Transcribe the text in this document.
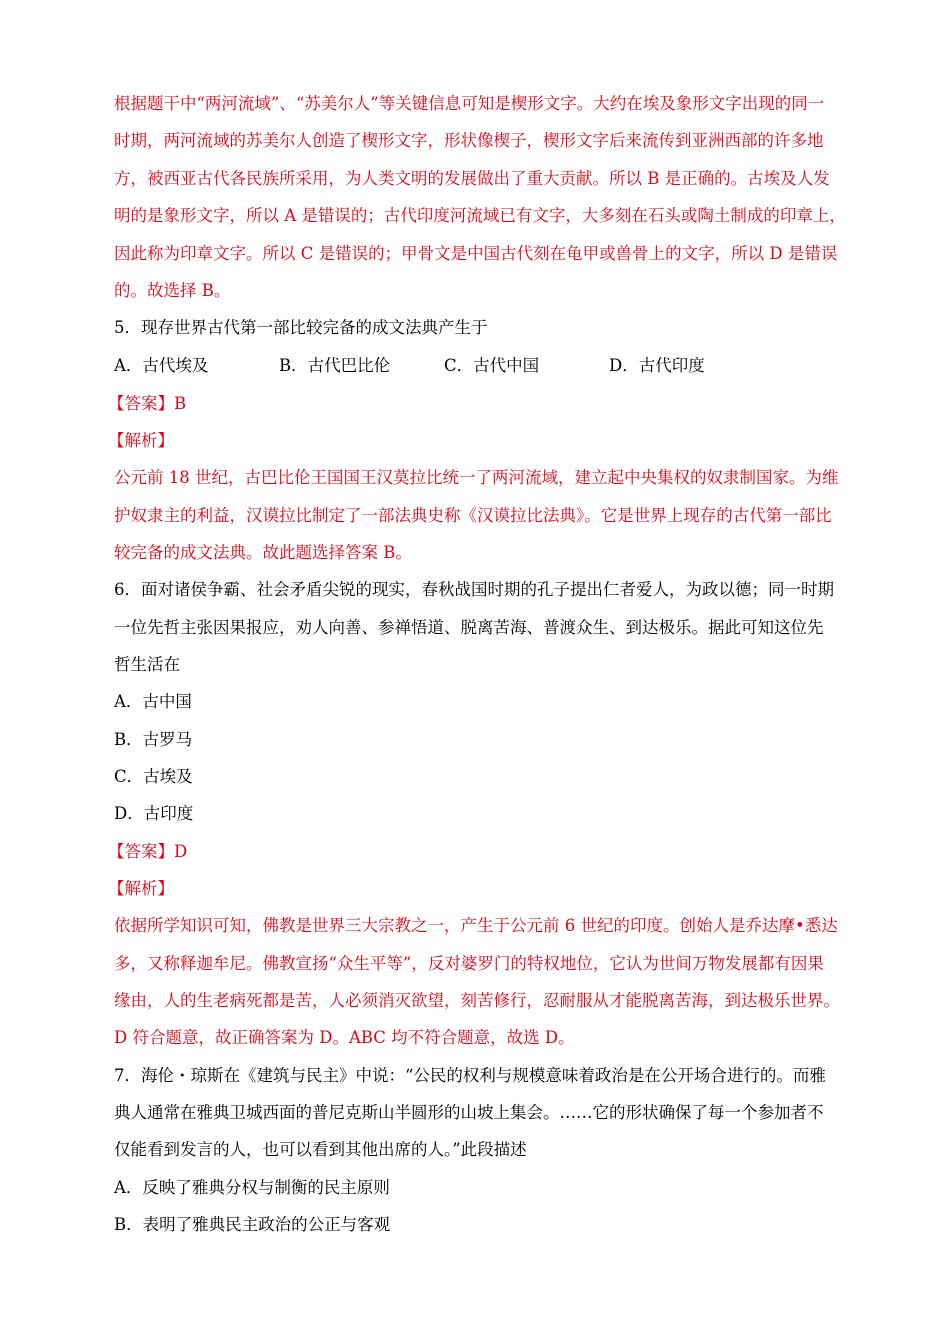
根据题干中“两河流域”、“苏美尔人”等关键信息可知是楔形文字。大约在埃及象形文字出现的同一
时期，两河流域的苏美尔人创造了楔形文字，形状像楔子，楔形文字后来流传到亚洲西部的许多地
方，被西亚古代各民族所采用，为人类文明的发展做出了重大贡献。所以 B 是正确的。古埃及人发
明的是象形文字，所以 A 是错误的；古代印度河流域已有文字，大多刻在石头或陶土制成的印章上，
因此称为印章文字。所以 C 是错误的；甲骨文是中国古代刻在龟甲或兽骨上的文字，所以 D 是错误
的。故选择 B。
5．现存世界古代第一部比较完备的成文法典产生于
A．古代埃及	B．古代巴比伦	C．古代中国	D．古代印度
【答案】B
【解析】
公元前 18 世纪，古巴比伦王国国王汉莫拉比统一了两河流域，建立起中央集权的奴隶制国家。为维
护奴隶主的利益，汉谟拉比制定了一部法典史称《汉谟拉比法典》。它是世界上现存的古代第一部比
较完备的成文法典。故此题选择答案 B。
6．面对诸侯争霸、社会矛盾尖锐的现实，春秋战国时期的孔子提出仁者爱人，为政以德；同一时期
一位先哲主张因果报应，劝人向善、参禅悟道、脱离苦海、普渡众生、到达极乐。据此可知这位先
哲生活在
A．古中国
B．古罗马
C．古埃及
D．古印度
【答案】D
【解析】
依据所学知识可知，佛教是世界三大宗教之一，产生于公元前 6 世纪的印度。创始人是乔达摩•悉达
多，又称释迦牟尼。佛教宣扬“众生平等”，反对婆罗门的特权地位，它认为世间万物发展都有因果
缘由，人的生老病死都是苦，人必须消灭欲望，刻苦修行，忍耐服从才能脱离苦海，到达极乐世界。
D 符合题意，故正确答案为 D。ABC 均不符合题意，故选 D。
7．海伦・琼斯在《建筑与民主》中说：“公民的权利与规模意味着政治是在公开场合进行的。而雅
典人通常在雅典卫城西面的普尼克斯山半圆形的山坡上集会。……它的形状确保了每一个参加者不
仅能看到发言的人，也可以看到其他出席的人。”此段描述
A．反映了雅典分权与制衡的民主原则
B．表明了雅典民主政治的公正与客观
